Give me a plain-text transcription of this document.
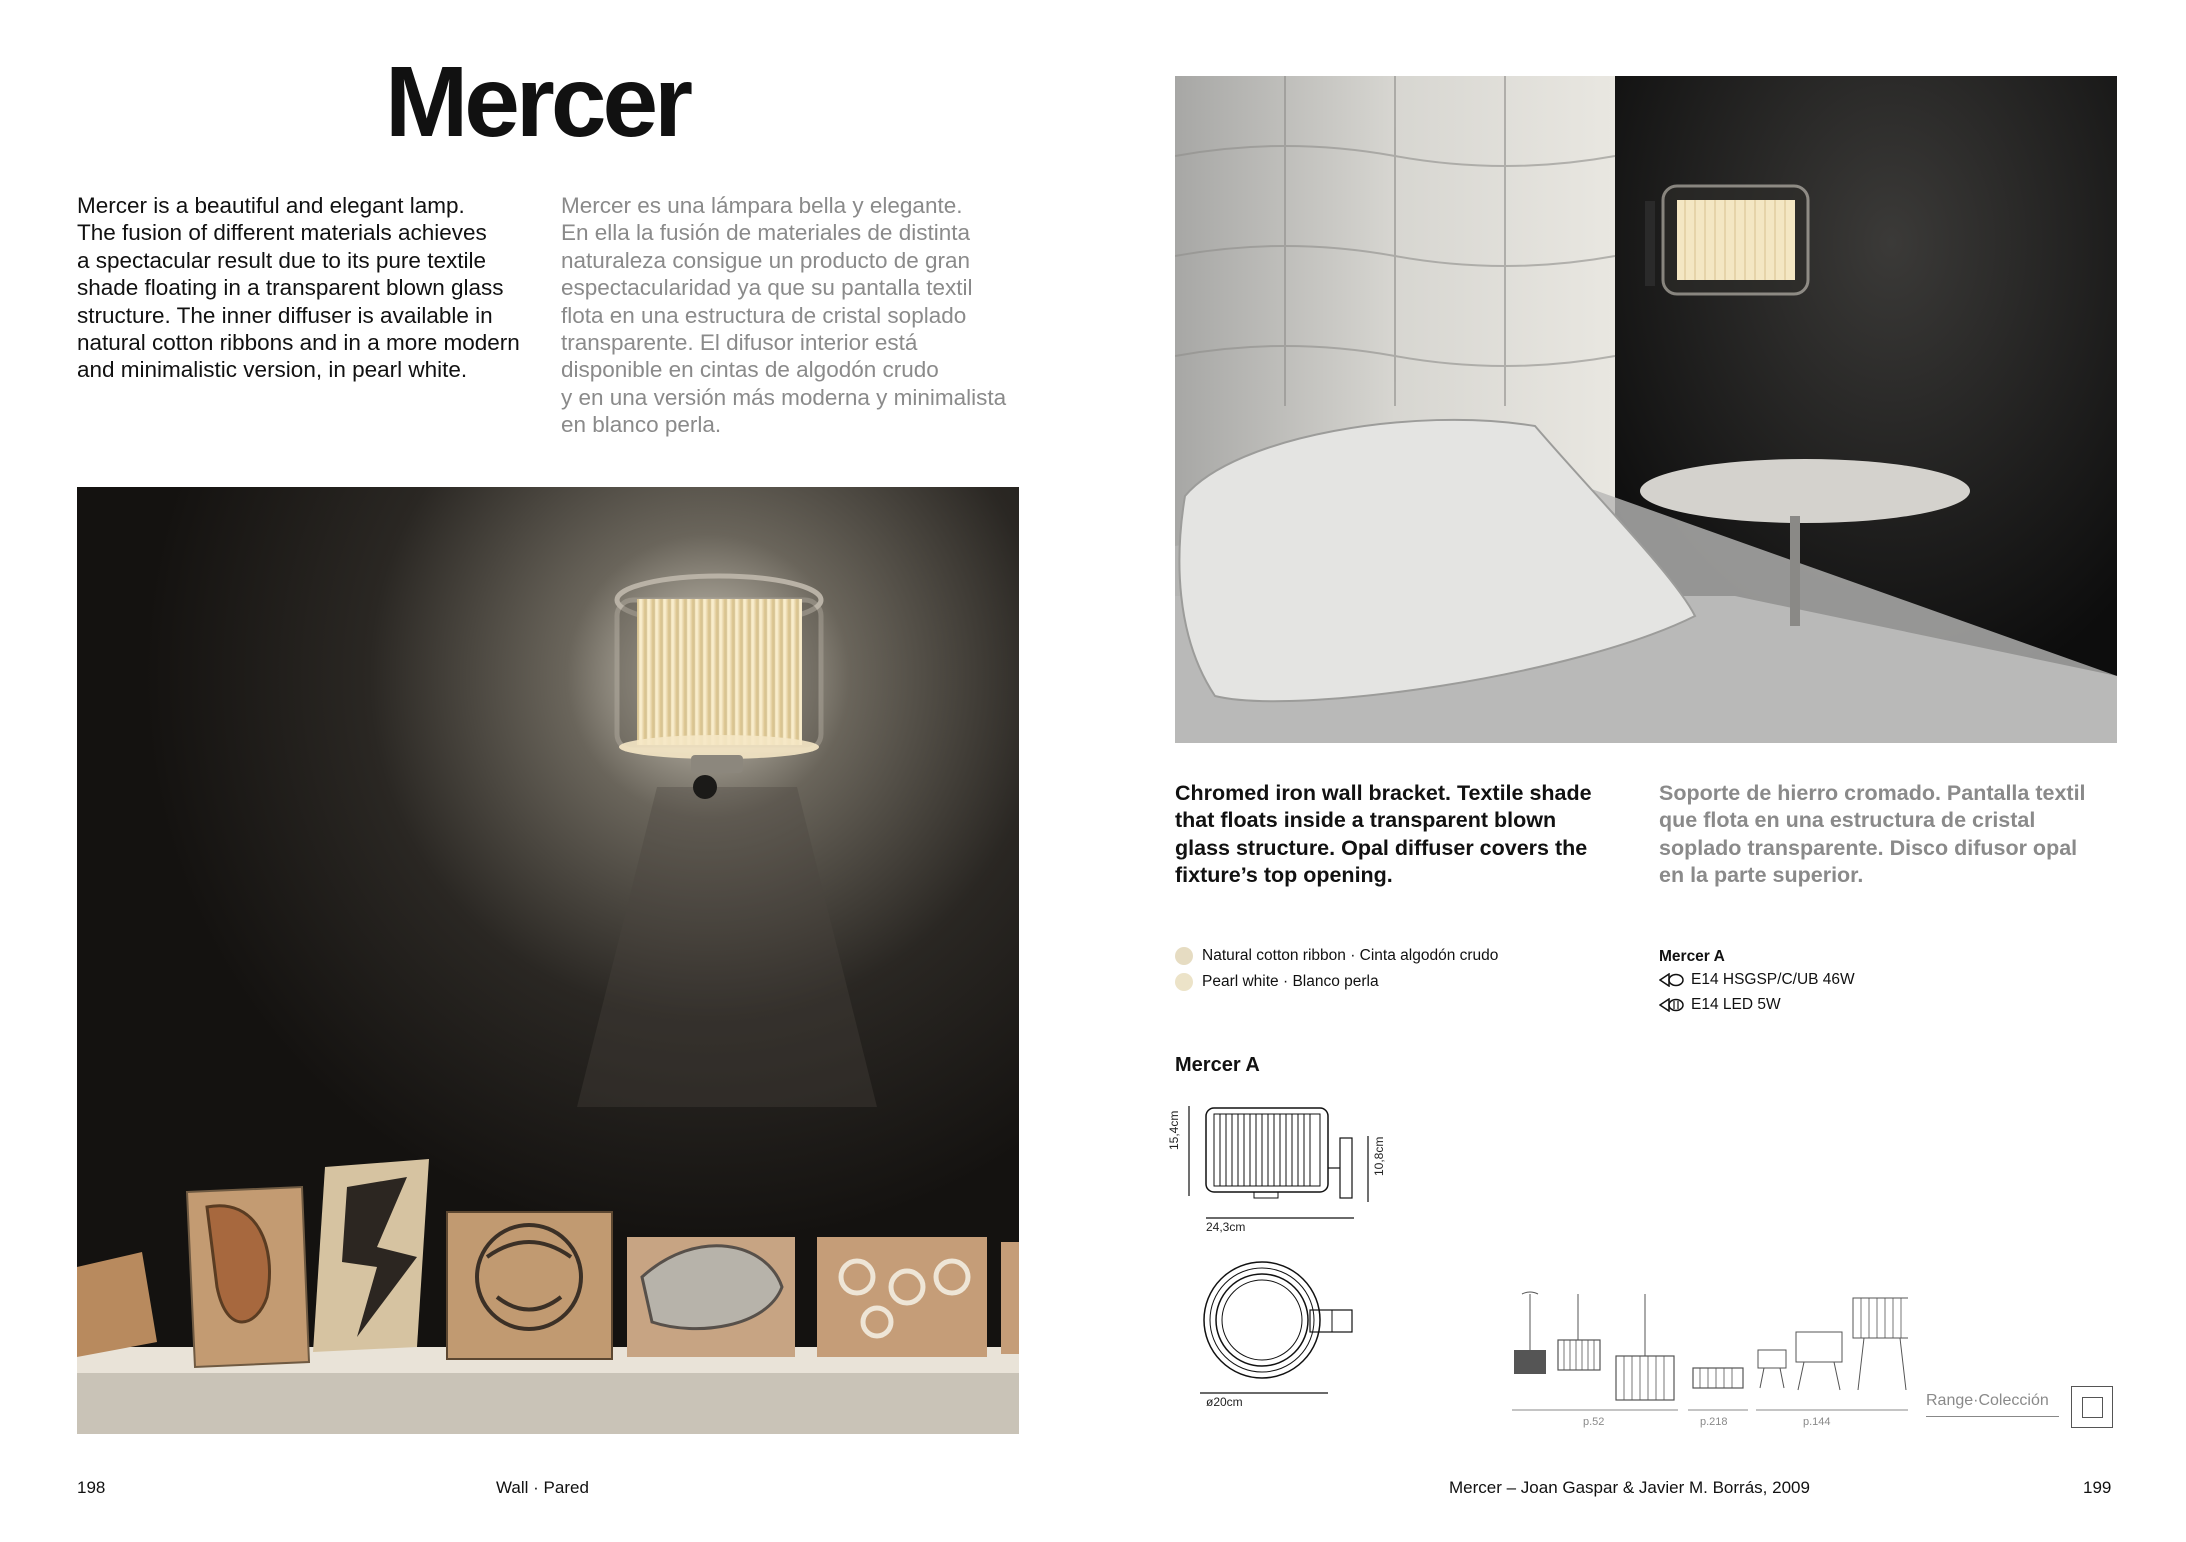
Mercer
Mercer is a beautiful and elegant lamp.
The fusion of different materials achieves
a spectacular result due to its pure textile
shade floating in a transparent blown glass
structure. The inner diffuser is available in
natural cotton ribbons and in a more modern
and minimalistic version, in pearl white.
Mercer es una lámpara bella y elegante.
En ella la fusión de materiales de distinta
naturaleza consigue un producto de gran
espectacularidad ya que su pantalla textil
flota en una estructura de cristal soplado
transparente. El difusor interior está
disponible en cintas de algodón crudo
y en una versión más moderna y minimalista
en blanco perla.
Chromed iron wall bracket. Textile shade
that floats inside a transparent blown
glass structure. Opal diffuser covers the
fixture’s top opening.
Soporte de hierro cromado. Pantalla textil
que flota en una estructura de cristal
soplado transparente. Disco difusor opal
en la parte superior.
Natural cotton ribbon · Cinta algodón crudo
Pearl white · Blanco perla
Mercer A
E14 HSGSP/C/UB 46W
E14 LED 5W
Mercer A
15,4cm
10,8cm
24,3cm
ø20cm
p.52	p.218	p.144
Range·Colección
198	Wall · Pared	Mercer – Joan Gaspar & Javier M. Borrás, 2009	199
